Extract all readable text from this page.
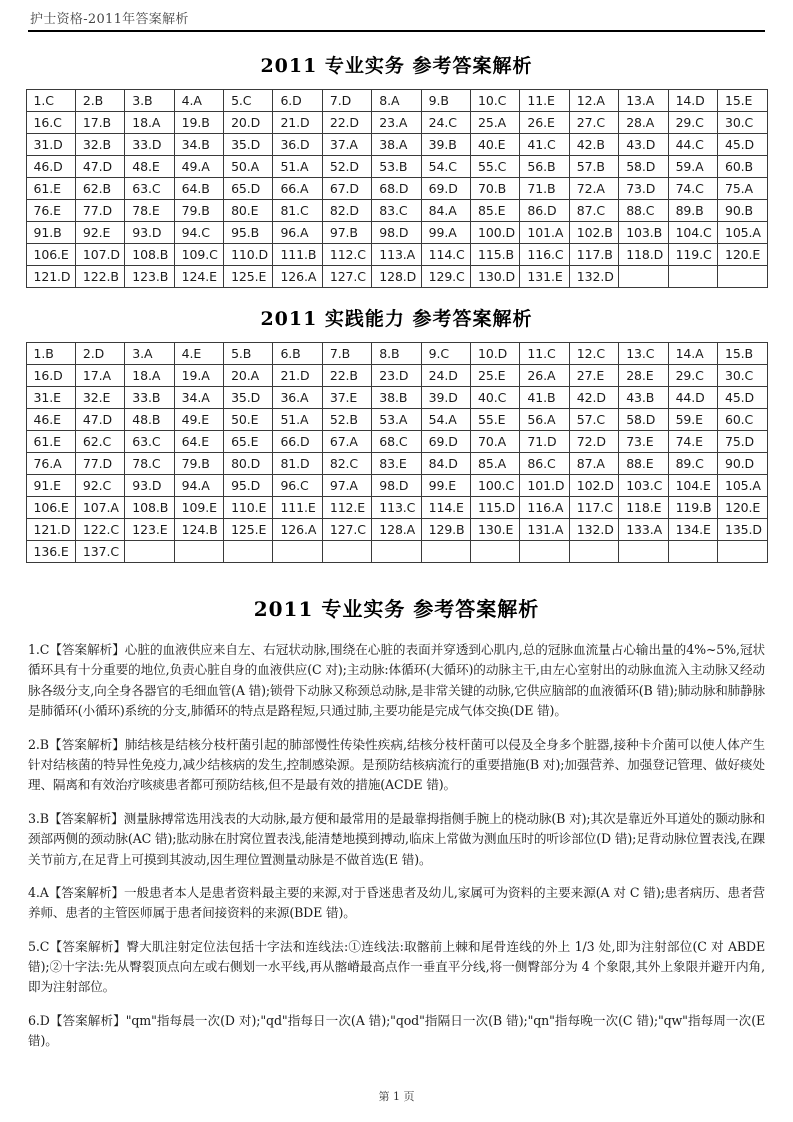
护士资格-2011年答案解析
2011 专业实务 参考答案解析
1.C	2.B	3.B	4.A	5.C	6.D	7.D	8.A	9.B	10.C	11.E	12.A	13.A	14.D	15.E
16.C	17.B	18.A	19.B	20.D	21.D	22.D	23.A	24.C	25.A	26.E	27.C	28.A	29.C	30.C
31.D	32.B	33.D	34.B	35.D	36.D	37.A	38.A	39.B	40.E	41.C	42.B	43.D	44.C	45.D
46.D	47.D	48.E	49.A	50.A	51.A	52.D	53.B	54.C	55.C	56.B	57.B	58.D	59.A	60.B
61.E	62.B	63.C	64.B	65.D	66.A	67.D	68.D	69.D	70.B	71.B	72.A	73.D	74.C	75.A
76.E	77.D	78.E	79.B	80.E	81.C	82.D	83.C	84.A	85.E	86.D	87.C	88.C	89.B	90.B
91.B	92.E	93.D	94.C	95.B	96.A	97.B	98.D	99.A	100.D	101.A	102.B	103.B	104.C	105.A
106.E	107.D	108.B	109.C	110.D	111.B	112.C	113.A	114.C	115.B	116.C	117.B	118.D	119.C	120.E
121.D	122.B	123.B	124.E	125.E	126.A	127.C	128.D	129.C	130.D	131.E	132.D			
2011 实践能力 参考答案解析
1.B	2.D	3.A	4.E	5.B	6.B	7.B	8.B	9.C	10.D	11.C	12.C	13.C	14.A	15.B
16.D	17.A	18.A	19.A	20.A	21.D	22.B	23.D	24.D	25.E	26.A	27.E	28.E	29.C	30.C
31.E	32.E	33.B	34.A	35.D	36.A	37.E	38.B	39.D	40.C	41.B	42.D	43.B	44.D	45.D
46.E	47.D	48.B	49.E	50.E	51.A	52.B	53.A	54.A	55.E	56.A	57.C	58.D	59.E	60.C
61.E	62.C	63.C	64.E	65.E	66.D	67.A	68.C	69.D	70.A	71.D	72.D	73.E	74.E	75.D
76.A	77.D	78.C	79.B	80.D	81.D	82.C	83.E	84.D	85.A	86.C	87.A	88.E	89.C	90.D
91.E	92.C	93.D	94.A	95.D	96.C	97.A	98.D	99.E	100.C	101.D	102.D	103.C	104.E	105.A
106.E	107.A	108.B	109.E	110.E	111.E	112.E	113.C	114.E	115.D	116.A	117.C	118.E	119.B	120.E
121.D	122.C	123.E	124.B	125.E	126.A	127.C	128.A	129.B	130.E	131.A	132.D	133.A	134.E	135.D
136.E	137.C													
2011 专业实务 参考答案解析

1.C【答案解析】心脏的血液供应来自左、右冠状动脉,围绕在心脏的表面并穿透到心肌内,总的冠脉血流量占心输出量的4%~5%,冠状循环具有十分重要的地位,负责心脏自身的血液供应(C 对);主动脉:体循环(大循环)的动脉主干,由左心室射出的动脉血流入主动脉又经动脉各级分支,向全身各器官的毛细血管(A 错);锁骨下动脉又称颈总动脉,是非常关键的动脉,它供应脑部的血液循环(B 错);肺动脉和肺静脉是肺循环(小循环)系统的分支,肺循环的特点是路程短,只通过肺,主要功能是完成气体交换(DE 错)。

2.B【答案解析】肺结核是结核分枝杆菌引起的肺部慢性传染性疾病,结核分枝杆菌可以侵及全身多个脏器,接种卡介菌可以使人体产生针对结核菌的特异性免疫力,减少结核病的发生,控制感染源。是预防结核病流行的重要措施(B 对);加强营养、加强登记管理、做好痰处理、隔离和有效治疗咳痰患者都可预防结核,但不是最有效的措施(ACDE 错)。

3.B【答案解析】测量脉搏常选用浅表的大动脉,最方便和最常用的是最靠拇指侧手腕上的桡动脉(B 对);其次是靠近外耳道处的颞动脉和颈部两侧的颈动脉(AC 错);肱动脉在肘窝位置表浅,能清楚地摸到搏动,临床上常做为测血压时的听诊部位(D 错);足背动脉位置表浅,在踝关节前方,在足背上可摸到其波动,因生理位置测量动脉是不做首选(E 错)。

4.A【答案解析】一般患者本人是患者资料最主要的来源,对于昏迷患者及幼儿,家属可为资料的主要来源(A 对 C 错);患者病历、患者营养师、患者的主管医师属于患者间接资料的来源(BDE 错)。

5.C【答案解析】臀大肌注射定位法包括十字法和连线法:①连线法:取髂前上棘和尾骨连线的外上 1/3 处,即为注射部位(C 对 ABDE 错);②十字法:先从臀裂顶点向左或右侧划一水平线,再从髂嵴最高点作一垂直平分线,将一侧臀部分为 4 个象限,其外上象限并避开内角,即为注射部位。

6.D【答案解析】"qm"指每晨一次(D 对);"qd"指每日一次(A 错);"qod"指隔日一次(B 错);"qn"指每晚一次(C 错);"qw"指每周一次(E 错)。

第 1 页
